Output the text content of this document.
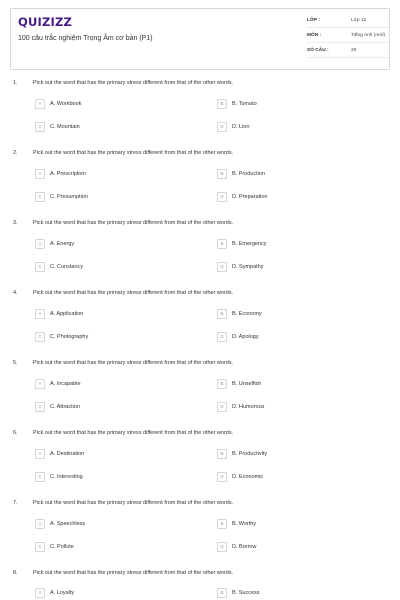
QUIZIZZ
100 câu trắc nghiệm Trọng Âm cơ bản (P1)
LỚP :	Lớp 12
MÔN :	Tiếng Anh (mới)
SỐ CÂU :	20
1.	Pick out the word that has the primary stress different from that of the other words.
A	A. Workbook	B	B. Tomato
C	C. Mountain	D	D. Lion
2.	Pick out the word that has the primary stress different from that of the other words.
A	A. Prescription	B	B. Production
C	C. Presumption	D	D. Preparation
3.	Pick out the word that has the primary stress different from that of the other words.
A	A. Energy	B	B. Emergency
C	C. Constancy	D	D. Sympathy
4.	Pick out the word that has the primary stress different from that of the other words.
A	A. Application	B	B. Economy
C	C. Photography	D	D. Apology
5.	Pick out the word that has the primary stress different from that of the other words.
A	A. Incapable	B	B. Unselfish
C	C. Attraction	D	D. Humorous
6.	Pick out the word that has the primary stress different from that of the other words.
A	A. Destination	B	B. Productivity
C	C. Interesting	D	D. Economic
7.	Pick out the word that has the primary stress different from that of the other words.
A	A. Speechless	B	B. Worthy
C	C. Pollute	D	D. Borrow
8.	Pick out the word that has the primary stress different from that of the other words.
A	A. Loyalty	B	B. Success
